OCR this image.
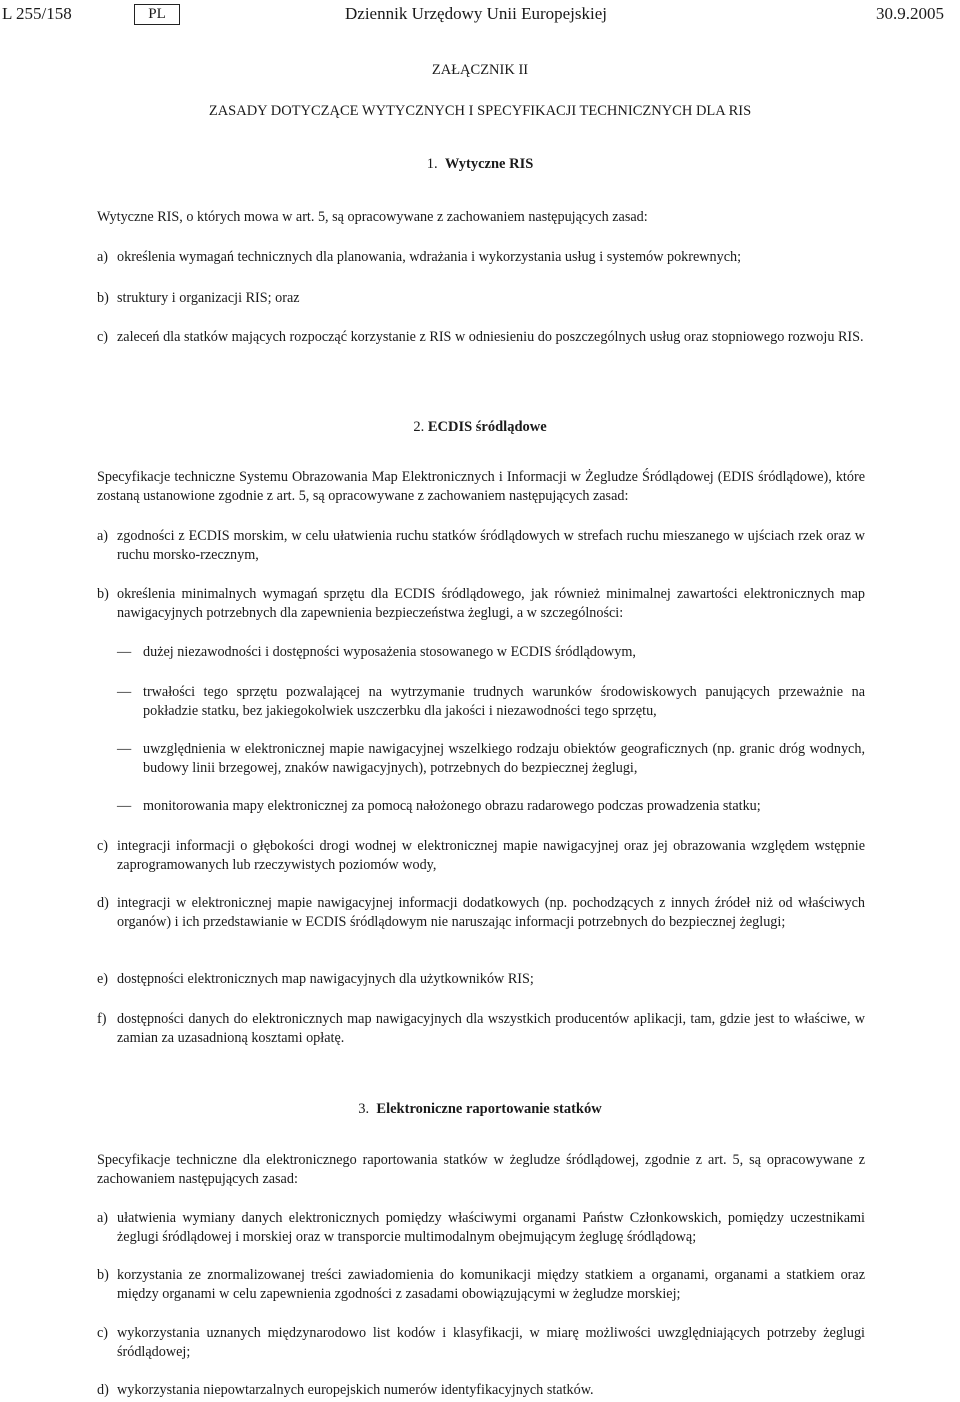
L 255/158	PL	Dziennik Urzędowy Unii Europejskiej	30.9.2005
ZAŁĄCZNIK II
ZASADY DOTYCZĄCE WYTYCZNYCH I SPECYFIKACJI TECHNICZNYCH DLA RIS
1. Wytyczne RIS
Wytyczne RIS, o których mowa w art. 5, są opracowywane z zachowaniem następujących zasad:
a) określenia wymagań technicznych dla planowania, wdrażania i wykorzystania usług i systemów pokrewnych;
b) struktury i organizacji RIS; oraz
c) zaleceń dla statków mających rozpocząć korzystanie z RIS w odniesieniu do poszczególnych usług oraz stopniowego rozwoju RIS.
2. ECDIS śródlądowe
Specyfikacje techniczne Systemu Obrazowania Map Elektronicznych i Informacji w Żegludze Śródlądowej (EDIS śródlądowe), które zostaną ustanowione zgodnie z art. 5, są opracowywane z zachowaniem następujących zasad:
a) zgodności z ECDIS morskim, w celu ułatwienia ruchu statków śródlądowych w strefach ruchu mieszanego w ujściach rzek oraz w ruchu morsko-rzecznym,
b) określenia minimalnych wymagań sprzętu dla ECDIS śródlądowego, jak również minimalnej zawartości elektronicznych map nawigacyjnych potrzebnych dla zapewnienia bezpieczeństwa żeglugi, a w szczególności:
— dużej niezawodności i dostępności wyposażenia stosowanego w ECDIS śródlądowym,
— trwałości tego sprzętu pozwalającej na wytrzymanie trudnych warunków środowiskowych panujących przeważnie na pokładzie statku, bez jakiegokolwiek uszczerbku dla jakości i niezawodności tego sprzętu,
— uwzględnienia w elektronicznej mapie nawigacyjnej wszelkiego rodzaju obiektów geograficznych (np. granic dróg wodnych, budowy linii brzegowej, znaków nawigacyjnych), potrzebnych do bezpiecznej żeglugi,
— monitorowania mapy elektronicznej za pomocą nałożonego obrazu radarowego podczas prowadzenia statku;
c) integracji informacji o głębokości drogi wodnej w elektronicznej mapie nawigacyjnej oraz jej obrazowania względem wstępnie zaprogramowanych lub rzeczywistych poziomów wody,
d) integracji w elektronicznej mapie nawigacyjnej informacji dodatkowych (np. pochodzących z innych źródeł niż od właściwych organów) i ich przedstawianie w ECDIS śródlądowym nie naruszając informacji potrzebnych do bezpiecznej żeglugi;
e) dostępności elektronicznych map nawigacyjnych dla użytkowników RIS;
f) dostępności danych do elektronicznych map nawigacyjnych dla wszystkich producentów aplikacji, tam, gdzie jest to właściwe, w zamian za uzasadnioną kosztami opłatę.
3. Elektroniczne raportowanie statków
Specyfikacje techniczne dla elektronicznego raportowania statków w żegludze śródlądowej, zgodnie z art. 5, są opracowywane z zachowaniem następujących zasad:
a) ułatwienia wymiany danych elektronicznych pomiędzy właściwymi organami Państw Członkowskich, pomiędzy uczestnikami żeglugi śródlądowej i morskiej oraz w transporcie multimodalnym obejmującym żeglugę śródlądową;
b) korzystania ze znormalizowanej treści zawiadomienia do komunikacji między statkiem a organami, organami a statkiem oraz między organami w celu zapewnienia zgodności z zasadami obowiązującymi w żegludze morskiej;
c) wykorzystania uznanych międzynarodowo list kodów i klasyfikacji, w miarę możliwości uwzględniających potrzeby żeglugi śródlądowej;
d) wykorzystania niepowtarzalnych europejskich numerów identyfikacyjnych statków.
